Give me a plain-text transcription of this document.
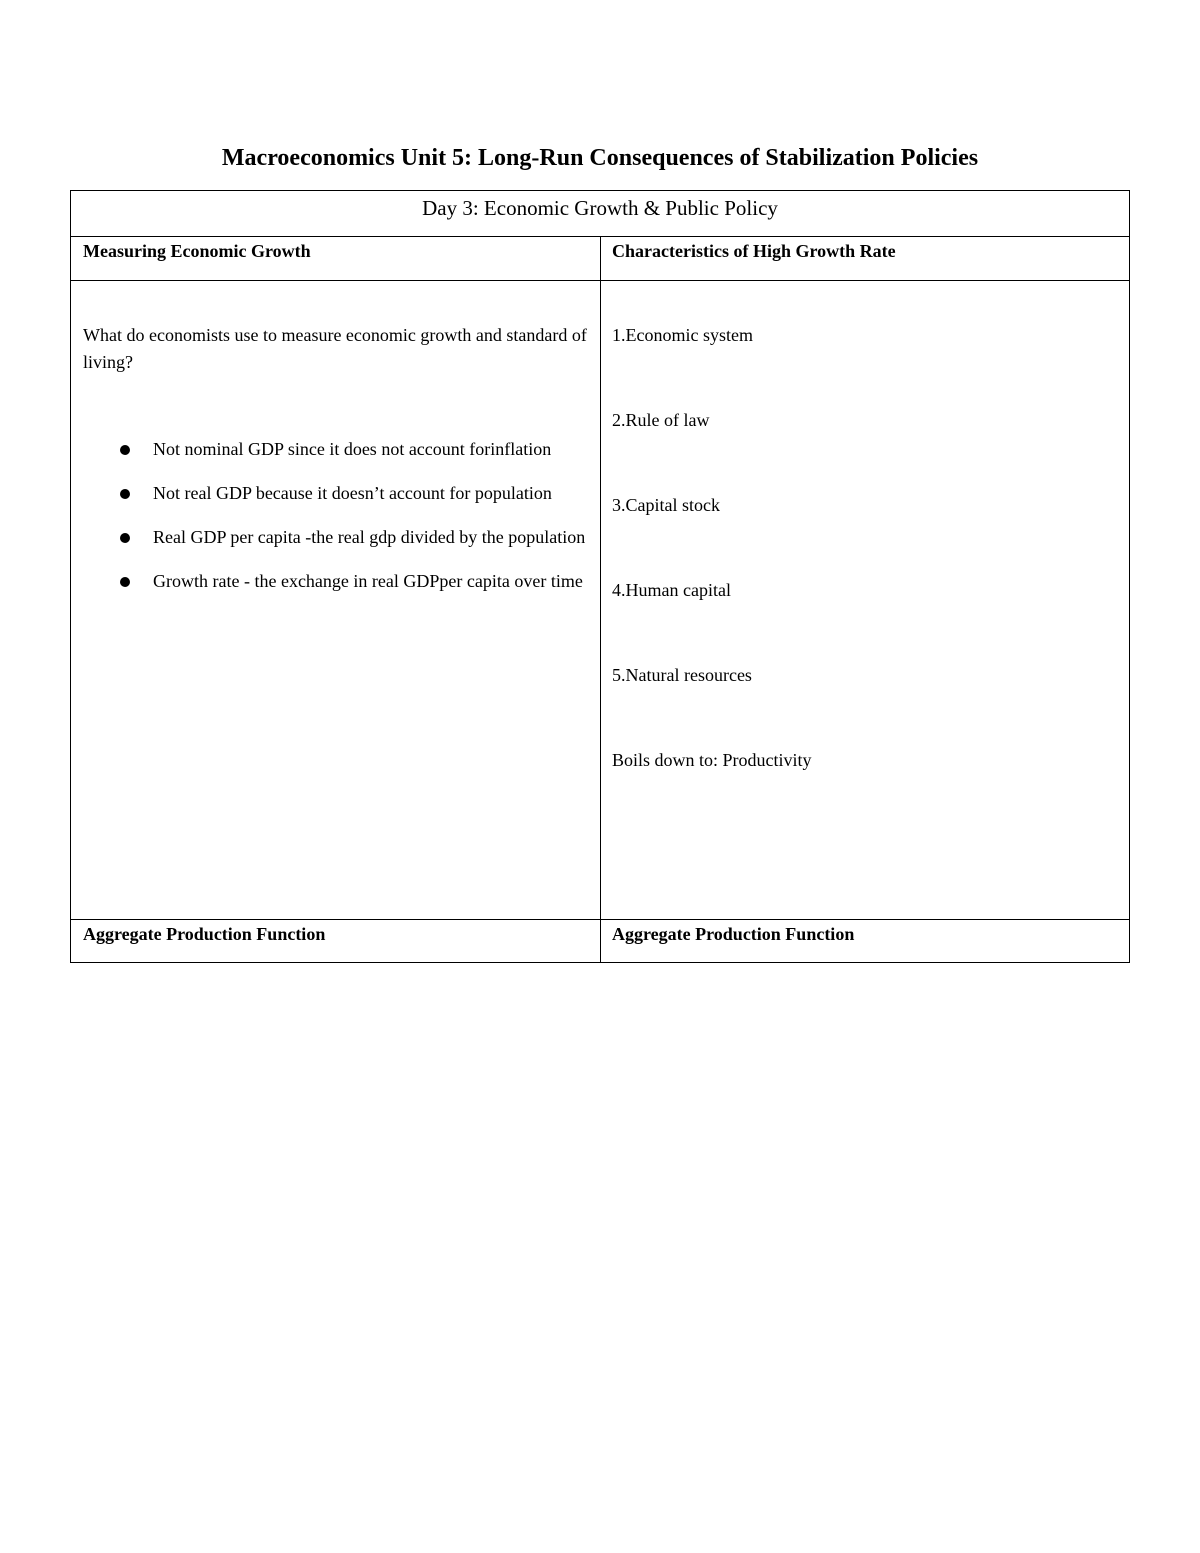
Macroeconomics Unit 5: Long-Run Consequences of Stabilization Policies
Day 3: Economic Growth & Public Policy
Measuring Economic Growth	Characteristics of High Growth Rate
What do economists use to measure economic growth and standard of living?
Not nominal GDP since it does not account forinflation
Not real GDP because it doesn’t account for population
Real GDP per capita -the real gdp divided by the population
Growth rate - the exchange in real GDPper capita over time
1.Economic system
2.Rule of law
3.Capital stock
4.Human capital
5.Natural resources
Boils down to: Productivity
Aggregate Production Function	Aggregate Production Function
